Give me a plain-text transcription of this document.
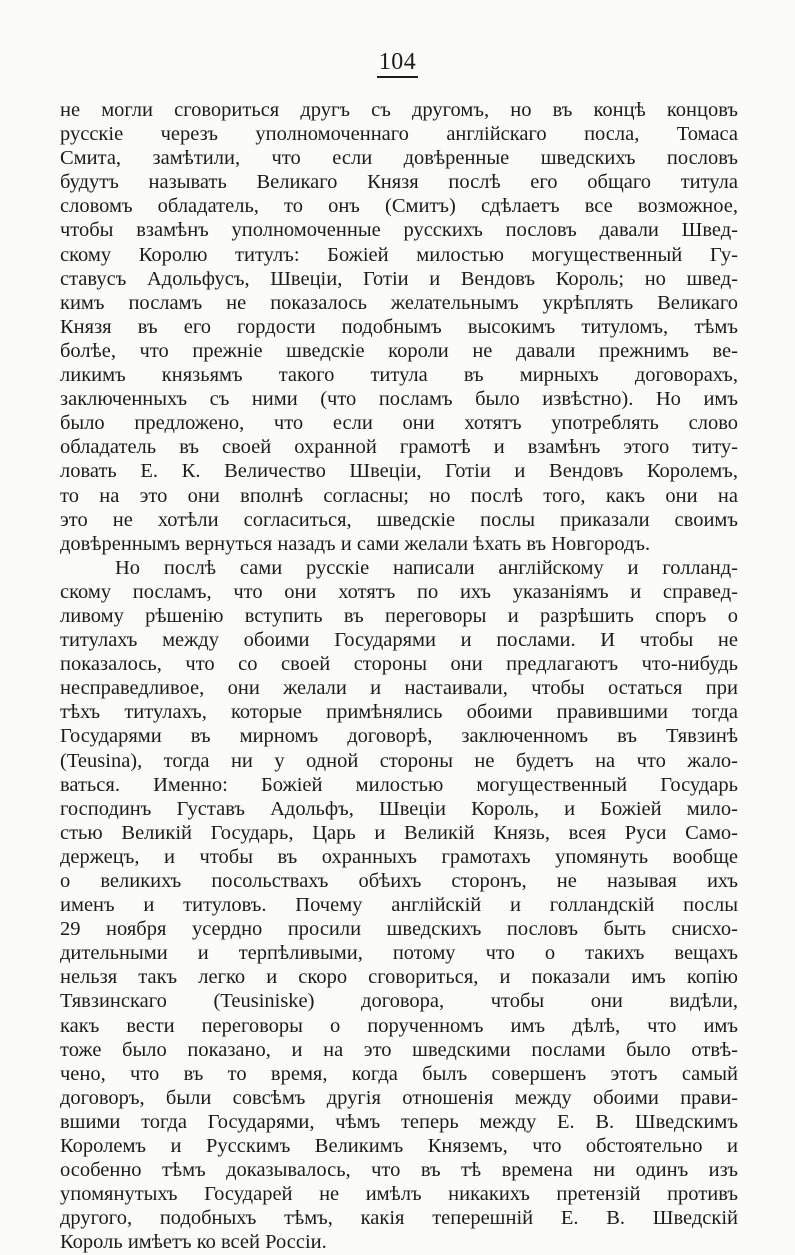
104
не могли сговориться другъ съ другомъ, но въ концѣ концовъ
русскіе черезъ уполномоченнаго англійскаго посла, Томаса
Смита, замѣтили, что если довѣренные шведскихъ пословъ
будутъ называть Великаго Князя послѣ его общаго титула
словомъ обладатель, то онъ (Смитъ) сдѣлаетъ все возможное,
чтобы взамѣнъ уполномоченные русскихъ пословъ давали Швед-
скому Королю титулъ: Божіей милостью могущественный Гу-
ставусъ Адольфусъ, Швеціи, Готіи и Вендовъ Король; но швед-
кимъ посламъ не показалось желательнымъ укрѣплять Великаго
Князя въ его гордости подобнымъ высокимъ титуломъ, тѣмъ
болѣе, что прежніе шведскіе короли не давали прежнимъ ве-
ликимъ князьямъ такого титула въ мирныхъ договорахъ,
заключенныхъ съ ними (что посламъ было извѣстно). Но имъ
было предложено, что если они хотятъ употреблять слово
обладатель въ своей охранной грамотѣ и взамѣнъ этого титу-
ловать Е. К. Величество Швеціи, Готіи и Вендовъ Королемъ,
то на это они вполнѣ согласны; но послѣ того, какъ они на
это не хотѣли согласиться, шведскіе послы приказали своимъ
довѣреннымъ вернуться назадъ и сами желали ѣхать въ Новгородъ.
Но послѣ сами русскіе написали англійскому и голланд-
скому посламъ, что они хотятъ по ихъ указаніямъ и справед-
ливому рѣшенію вступить въ переговоры и разрѣшить споръ о
титулахъ между обоими Государями и послами. И чтобы не
показалось, что со своей стороны они предлагаютъ что-нибудь
несправедливое, они желали и настаивали, чтобы остаться при
тѣхъ титулахъ, которые примѣнялись обоими правившими тогда
Государями въ мирномъ договорѣ, заключенномъ въ Тявзинѣ
(Teusina), тогда ни у одной стороны не будетъ на что жало-
ваться. Именно: Божіей милостью могущественный Государь
господинъ Густавъ Адольфъ, Швеціи Король, и Божіей мило-
стью Великій Государь, Царь и Великій Князь, всея Руси Само-
держецъ, и чтобы въ охранныхъ грамотахъ упомянуть вообще
о великихъ посольствахъ обѣихъ сторонъ, не называя ихъ
именъ и титуловъ. Почему англійскій и голландскій послы
29 ноября усердно просили шведскихъ пословъ быть снисхо-
дительными и терпѣливыми, потому что о такихъ вещахъ
нельзя такъ легко и скоро сговориться, и показали имъ копію
Тявзинскаго (Teusiniske) договора, чтобы они видѣли,
какъ вести переговоры о порученномъ имъ дѣлѣ, что имъ
тоже было показано, и на это шведскими послами было отвѣ-
чено, что въ то время, когда былъ совершенъ этотъ самый
договоръ, были совсѣмъ другія отношенія между обоими прави-
вшими тогда Государями, чѣмъ теперь между Е. В. Шведскимъ
Королемъ и Русскимъ Великимъ Княземъ, что обстоятельно и
особенно тѣмъ доказывалось, что въ тѣ времена ни одинъ изъ
упомянутыхъ Государей не имѣлъ никакихъ претензій противъ
другого, подобныхъ тѣмъ, какія теперешній Е. В. Шведскій
Король имѣетъ ко всей Россіи.
